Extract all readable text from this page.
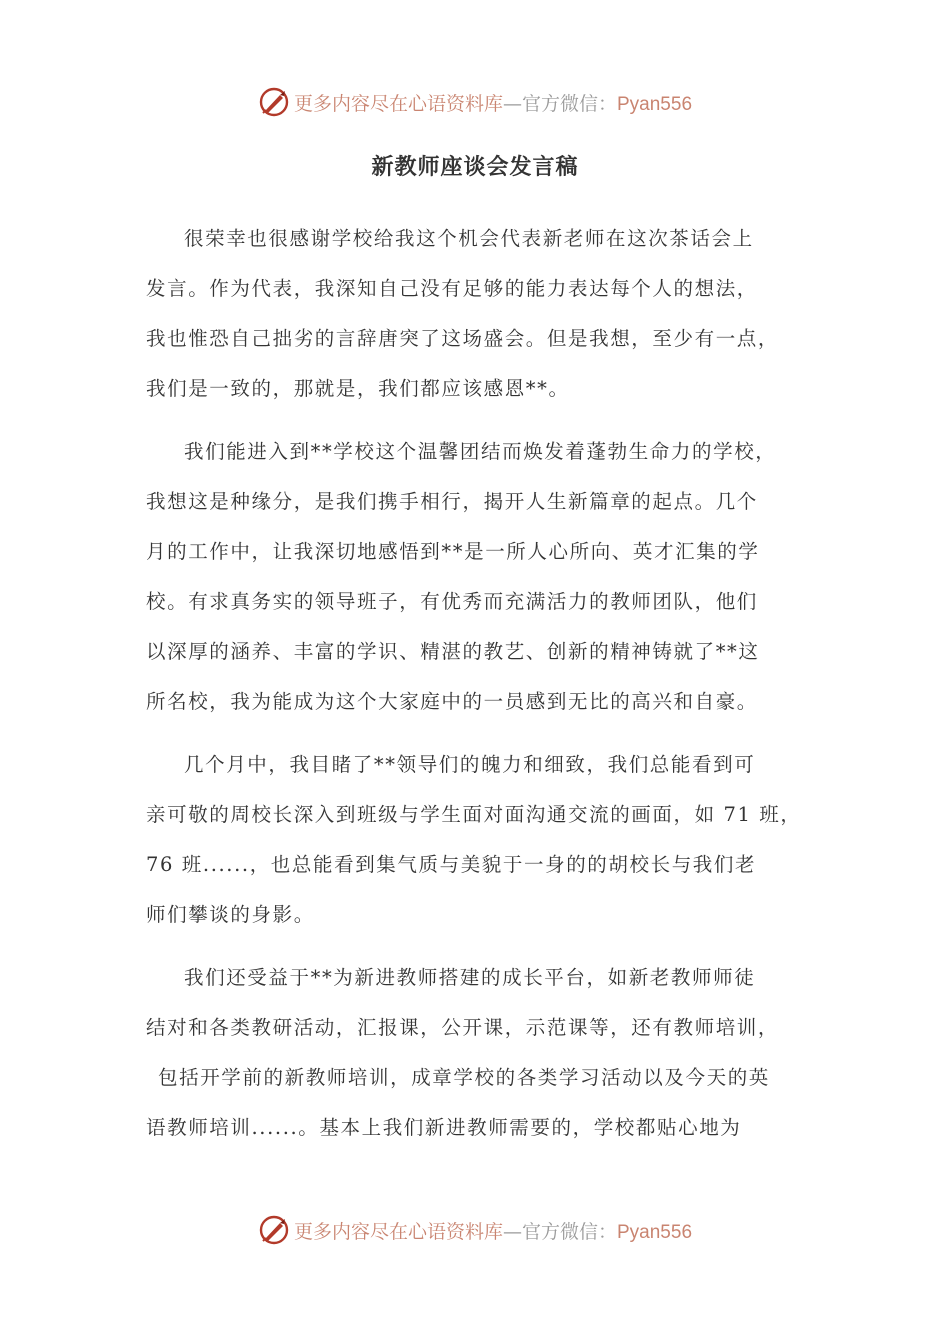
更多内容尽在心语资料库—官方微信：Pyan556
新教师座谈会发言稿
很荣幸也很感谢学校给我这个机会代表新老师在这次茶话会上
发言。作为代表，我深知自己没有足够的能力表达每个人的想法，
我也惟恐自己拙劣的言辞唐突了这场盛会。但是我想，至少有一点，
我们是一致的，那就是，我们都应该感恩**。
我们能进入到**学校这个温馨团结而焕发着蓬勃生命力的学校，
我想这是种缘分，是我们携手相行，揭开人生新篇章的起点。几个
月的工作中，让我深切地感悟到**是一所人心所向、英才汇集的学
校。有求真务实的领导班子，有优秀而充满活力的教师团队，他们
以深厚的涵养、丰富的学识、精湛的教艺、创新的精神铸就了**这
所名校，我为能成为这个大家庭中的一员感到无比的高兴和自豪。
几个月中，我目睹了**领导们的魄力和细致，我们总能看到可
亲可敬的周校长深入到班级与学生面对面沟通交流的画面，如 71 班，
76 班......，也总能看到集气质与美貌于一身的的胡校长与我们老
师们攀谈的身影。
我们还受益于**为新进教师搭建的成长平台，如新老教师师徒
结对和各类教研活动，汇报课，公开课，示范课等，还有教师培训，
包括开学前的新教师培训，成章学校的各类学习活动以及今天的英
语教师培训......。基本上我们新进教师需要的，学校都贴心地为
更多内容尽在心语资料库—官方微信：Pyan556
